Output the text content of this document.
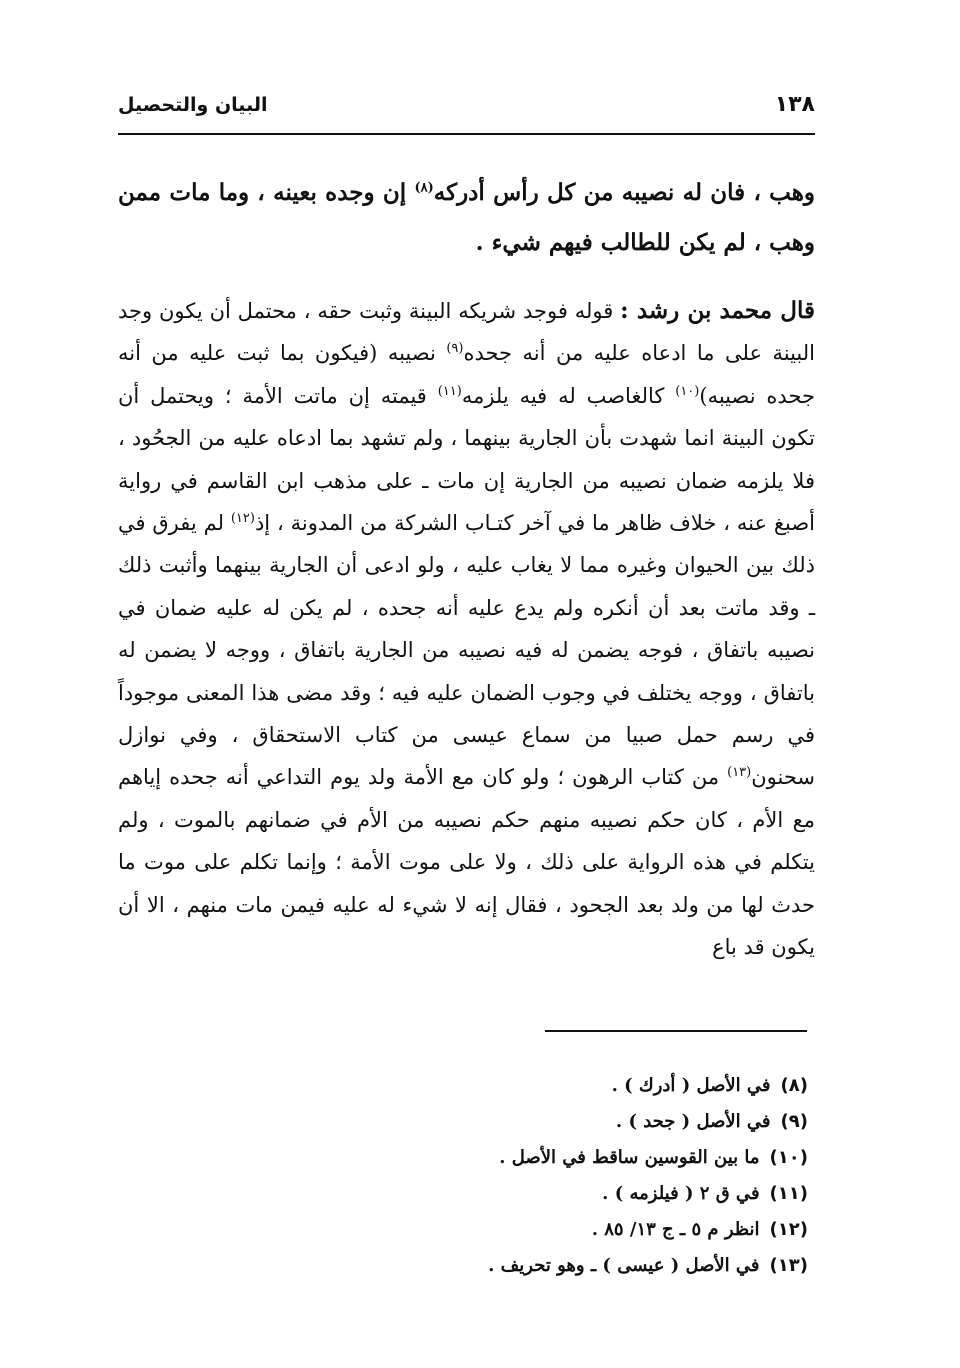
١٣٨
البيان والتحصيل

وهب ، فان له نصيبه من كل رأس أدركه$^{(٨)}$ إن وجده بعينه ، وما مات ممن وهب ، لم يكن للطالب فيهم شيء .

قال محمد بن رشد : قوله فوجد شريكه البينة وثبت حقه ، محتمل أن يكون وجد البينة على ما ادعاه عليه من أنه جحده$^{(٩)}$ نصيبه (فيكون بما ثبت عليه من أنه جحده نصيبه)$^{(١٠)}$ كالغاصب له فيه يلزمه$^{(١١)}$ قيمته إن ماتت الأمة ؛ ويحتمل أن تكون البينة انما شهدت بأن الجارية بينهما ، ولم تشهد بما ادعاه عليه من الجحُود ، فلا يلزمه ضمان نصيبه من الجارية إن مات ـ على مذهب ابن القاسم في رواية أصبغ عنه ، خلاف ظاهر ما في آخر كتـاب الشركة من المدونة ، إذ$^{(١٢)}$ لم يفرق في ذلك بين الحيوان وغيره مما لا يغاب عليه ، ولو ادعى أن الجارية بينهما وأثبت ذلك ـ وقد ماتت بعد أن أنكره ولم يدع عليه أنه جحده ، لم يكن له عليه ضمان في نصيبه باتفاق ، فوجه يضمن له فيه نصيبه من الجارية باتفاق ، ووجه لا يضمن له باتفاق ، ووجه يختلف في وجوب الضمان عليه فيه ؛ وقد مضى هذا المعنى موجوداً في رسم حمل صبيا من سماع عيسى من كتاب الاستحقاق ، وفي نوازل سحنون$^{(١٣)}$ من كتاب الرهون ؛ ولو كان مع الأمة ولد يوم التداعي أنه جحده إياهم مع الأم ، كان حكم نصيبه منهم حكم نصيبه من الأم في ضمانهم بالموت ، ولم يتكلم في هذه الرواية على ذلك ، ولا على موت الأمة ؛ وإنما تكلم على موت ما حدث لها من ولد بعد الجحود ، فقال إنه لا شيء له عليه فيمن مات منهم ، الا أن يكون قد باع

(٨)في الأصل ( أدرك ) .
(٩)في الأصل ( جحد ) .
(١٠)ما بين القوسين ساقط في الأصل .
(١١)في ق ٢ ( فيلزمه ) .
(١٢)انظر م ٥ ـ ج ١٣/ ٨٥ .
(١٣)في الأصل ( عيسى ) ـ وهو تحريف .
